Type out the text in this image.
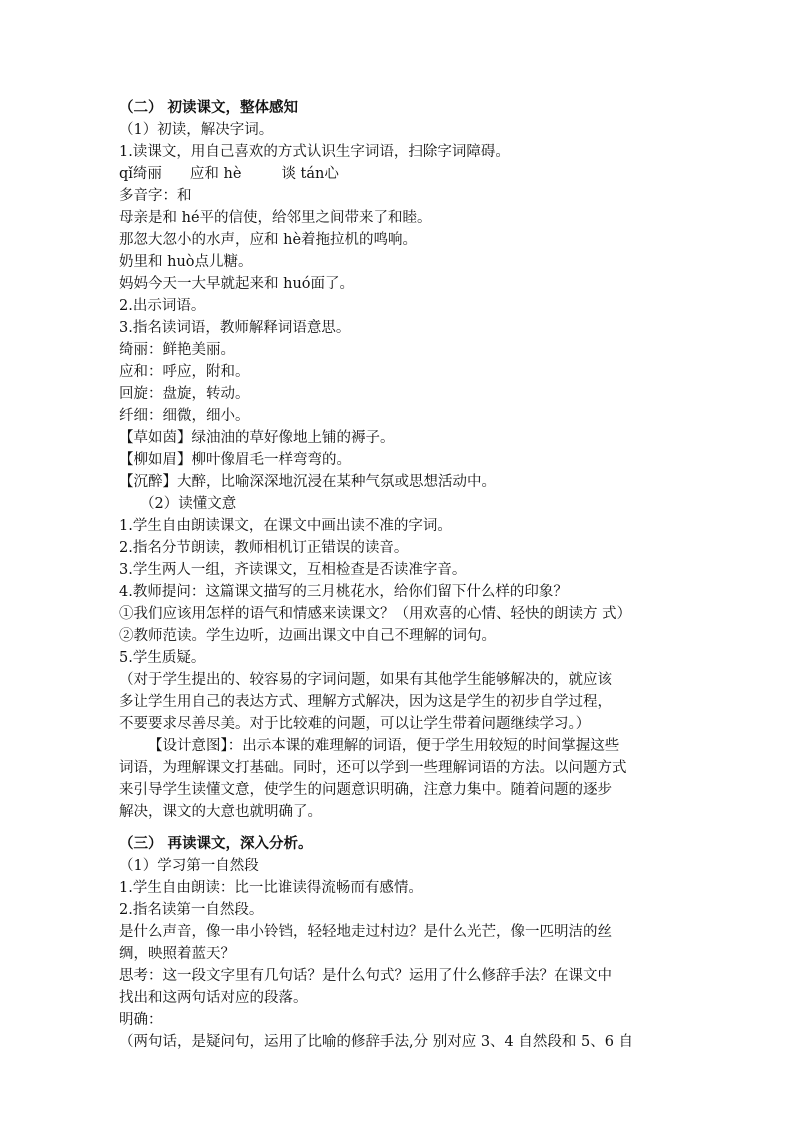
（二） 初读课文，整体感知
（1）初读，解决字词。
1.读课文，用自己喜欢的方式认识生字词语，扫除字词障碍。
qǐ绮丽 应和 hè	谈 tán心
多音字：和
母亲是和 hé平的信使，给邻里之间带来了和睦。
那忽大忽小的水声，应和 hè着拖拉机的鸣响。
奶里和 huò点儿糖。
妈妈今天一大早就起来和 huó面了。
2.出示词语。
3.指名读词语，教师解释词语意思。
绮丽：鲜艳美丽。
应和：呼应，附和。
回旋：盘旋，转动。
纤细：细微，细小。
【草如茵】绿油油的草好像地上铺的褥子。
【柳如眉】柳叶像眉毛一样弯弯的。
【沉醉】大醉，比喻深深地沉浸在某种气氛或思想活动中。
（2）读懂文意
1.学生自由朗读课文，在课文中画出读不准的字词。
2.指名分节朗读，教师相机订正错误的读音。
3.学生两人一组，齐读课文，互相检查是否读准字音。
4.教师提问：这篇课文描写的三月桃花水，给你们留下什么样的印象？
①我们应该用怎样的语气和情感来读课文？（用欢喜的心情、轻快的朗读方 式）
②教师范读。学生边听，边画出课文中自己不理解的词句。
5.学生质疑。
（对于学生提出的、较容易的字词问题，如果有其他学生能够解决的，就应该
多让学生用自己的表达方式、理解方式解决，因为这是学生的初步自学过程，
不要要求尽善尽美。对于比较难的问题，可以让学生带着问题继续学习。）
【设计意图】：出示本课的难理解的词语，便于学生用较短的时间掌握这些
词语，为理解课文打基础。同时，还可以学到一些理解词语的方法。以问题方式
来引导学生读懂文意，使学生的问题意识明确，注意力集中。随着问题的逐步
解决，课文的大意也就明确了。
（三） 再读课文，深入分析。
（1）学习第一自然段
1.学生自由朗读：比一比谁读得流畅而有感情。
2.指名读第一自然段。
是什么声音，像一串小铃铛，轻轻地走过村边？是什么光芒，像一匹明洁的丝
绸，映照着蓝天？
思考：这一段文字里有几句话？是什么句式？运用了什么修辞手法？在课文中
找出和这两句话对应的段落。
明确：
（两句话，是疑问句，运用了比喻的修辞手法,分 别对应 3、4 自然段和 5、6 自
